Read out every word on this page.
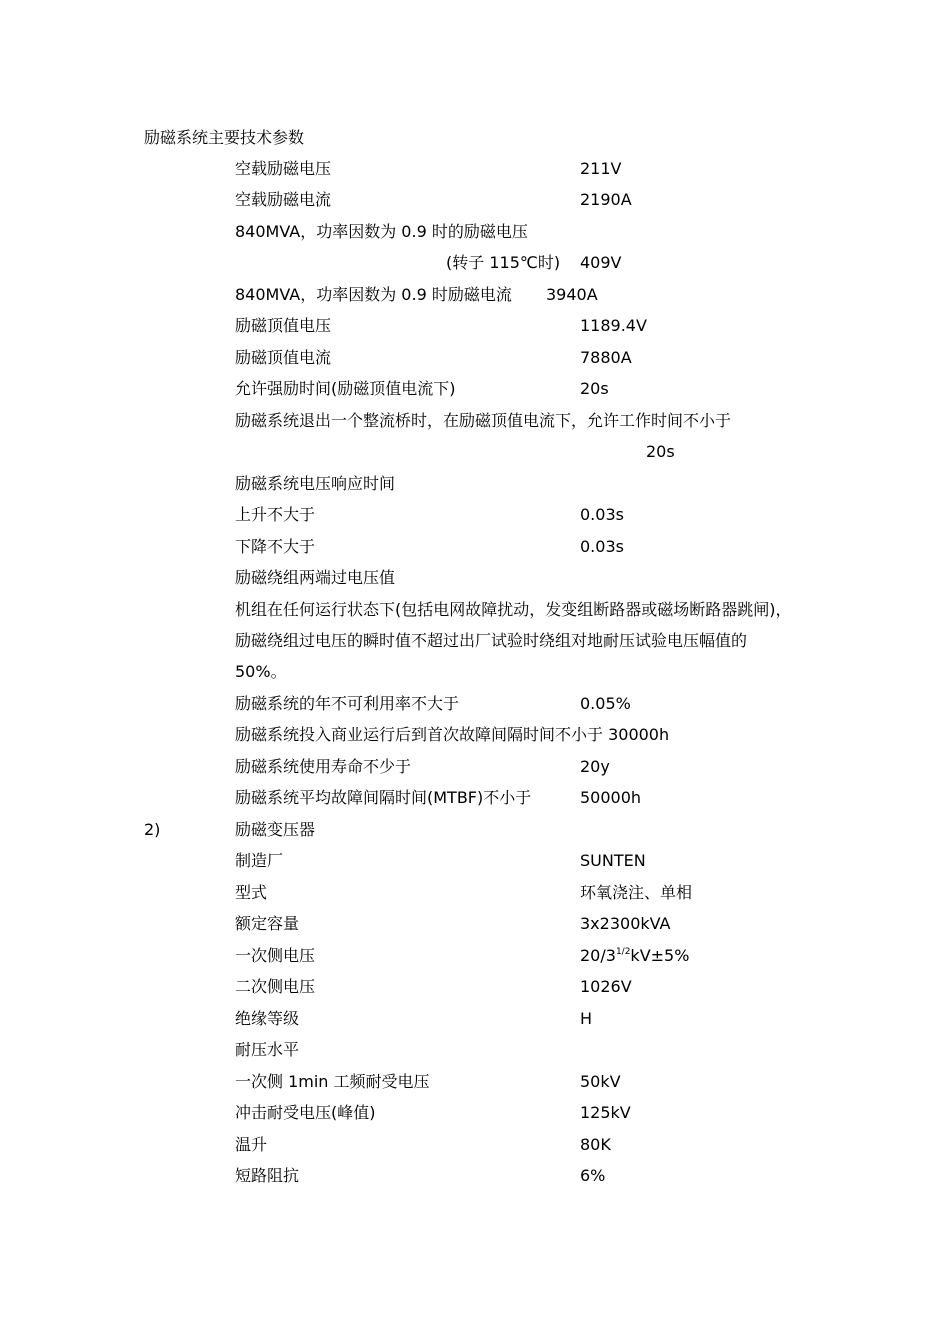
励磁系统主要技术参数
空载励磁电压	211V
空载励磁电流	2190A
840MVA，功率因数为 0.9 时的励磁电压
(转子 115℃时) 409V
840MVA，功率因数为 0.9 时励磁电流 3940A
励磁顶值电压	1189.4V
励磁顶值电流	7880A
允许强励时间(励磁顶值电流下)	20s
励磁系统退出一个整流桥时，在励磁顶值电流下，允许工作时间不小于
20s
励磁系统电压响应时间
上升不大于	0.03s
下降不大于	0.03s
励磁绕组两端过电压值
机组在任何运行状态下(包括电网故障扰动，发变组断路器或磁场断路器跳闸)，
励磁绕组过电压的瞬时值不超过出厂试验时绕组对地耐压试验电压幅值的
50%。
励磁系统的年不可利用率不大于	0.05%
励磁系统投入商业运行后到首次故障间隔时间不小于 30000h
励磁系统使用寿命不少于	20y
励磁系统平均故障间隔时间(MTBF)不小于	50000h
2)	励磁变压器
制造厂	SUNTEN
型式	环氧浇注、单相
额定容量	3x2300kVA
一次侧电压	$20/3^{1/2}kV\pm 5\%$
二次侧电压	1026V
绝缘等级	H
耐压水平
一次侧 1min 工频耐受电压	50kV
冲击耐受电压(峰值)	125kV
温升	80K
短路阻抗	6%
